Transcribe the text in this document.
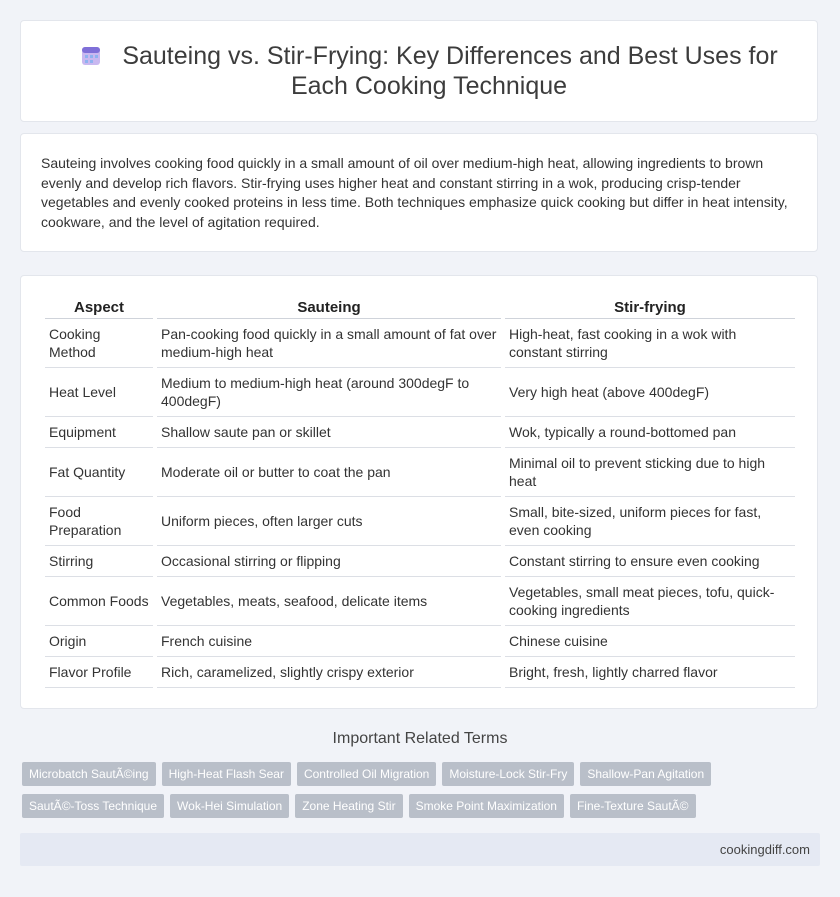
Sauteing vs. Stir-Frying: Key Differences and Best Uses for Each Cooking Technique

Sauteing involves cooking food quickly in a small amount of oil over medium-high heat, allowing ingredients to brown evenly and develop rich flavors. Stir-frying uses higher heat and constant stirring in a wok, producing crisp-tender vegetables and evenly cooked proteins in less time. Both techniques emphasize quick cooking but differ in heat intensity, cookware, and the level of agitation required.

Aspect	Sauteing	Stir-frying
Cooking Method	Pan-cooking food quickly in a small amount of fat over medium-high heat	High-heat, fast cooking in a wok with constant stirring
Heat Level	Medium to medium-high heat (around 300degF to 400degF)	Very high heat (above 400degF)
Equipment	Shallow saute pan or skillet	Wok, typically a round-bottomed pan
Fat Quantity	Moderate oil or butter to coat the pan	Minimal oil to prevent sticking due to high heat
Food Preparation	Uniform pieces, often larger cuts	Small, bite-sized, uniform pieces for fast, even cooking
Stirring	Occasional stirring or flipping	Constant stirring to ensure even cooking
Common Foods	Vegetables, meats, seafood, delicate items	Vegetables, small meat pieces, tofu, quick-cooking ingredients
Origin	French cuisine	Chinese cuisine
Flavor Profile	Rich, caramelized, slightly crispy exterior	Bright, fresh, lightly charred flavor
Important Related Terms
Microbatch SautÃ©ing	High-Heat Flash Sear	Controlled Oil Migration	Moisture-Lock Stir-Fry	Shallow-Pan Agitation
SautÃ©-Toss Technique	Wok-Hei Simulation	Zone Heating Stir	Smoke Point Maximization	Fine-Texture SautÃ©
cookingdiff.com
